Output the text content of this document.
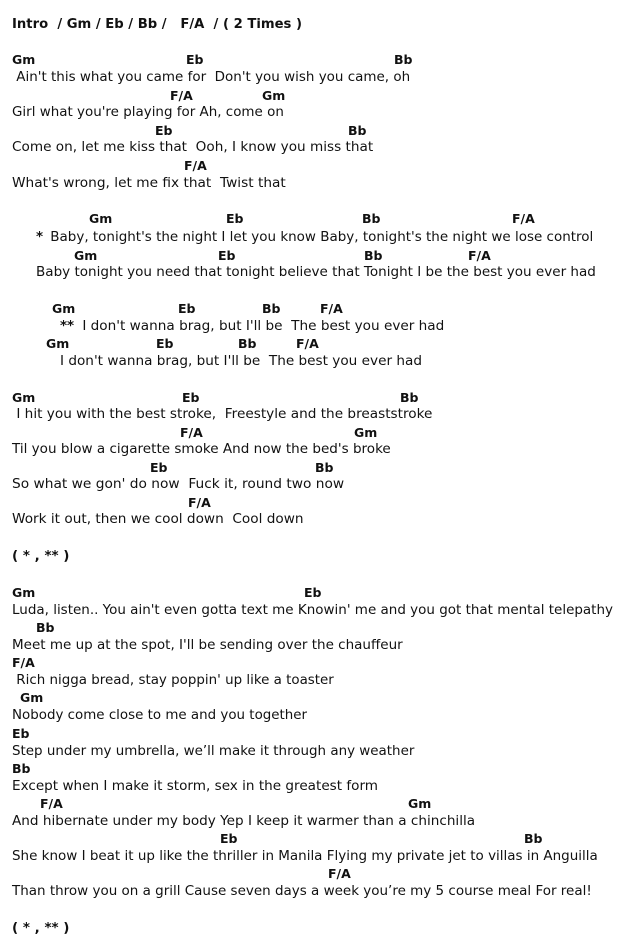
Intro  / Gm / Eb / Bb /   F/A  / ( 2 Times )
Gm	Eb	Bb
Ain't this what you came for  Don't you wish you came, oh
F/A	Gm
Girl what you're playing for Ah, come on
Eb	Bb
Come on, let me kiss that  Ooh, I know you miss that
F/A
What's wrong, let me fix that  Twist that
Gm	Eb	Bb	F/A
* Baby, tonight's the night I let you know Baby, tonight's the night we lose control
Gm	Eb	Bb	F/A
Baby tonight you need that tonight believe that Tonight I be the best you ever had
Gm	Eb	Bb	F/A
** I don't wanna brag, but I'll be  The best you ever had
Gm	Eb	Bb	F/A
I don't wanna brag, but I'll be  The best you ever had
Gm	Eb	Bb
I hit you with the best stroke,  Freestyle and the breaststroke
F/A	Gm
Til you blow a cigarette smoke And now the bed's broke
Eb	Bb
So what we gon' do now  Fuck it, round two now
F/A
Work it out, then we cool down  Cool down
( * , ** )
Gm	Eb
Luda, listen.. You ain't even gotta text me Knowin' me and you got that mental telepathy
Bb
Meet me up at the spot, I'll be sending over the chauffeur
F/A
Rich nigga bread, stay poppin' up like a toaster
Gm
Nobody come close to me and you together
Eb
Step under my umbrella, we’ll make it through any weather
Bb
Except when I make it storm, sex in the greatest form
F/A	Gm
And hibernate under my body Yep I keep it warmer than a chinchilla
Eb	Bb
She know I beat it up like the thriller in Manila Flying my private jet to villas in Anguilla
F/A
Than throw you on a grill Cause seven days a week you’re my 5 course meal For real!
( * , ** )
